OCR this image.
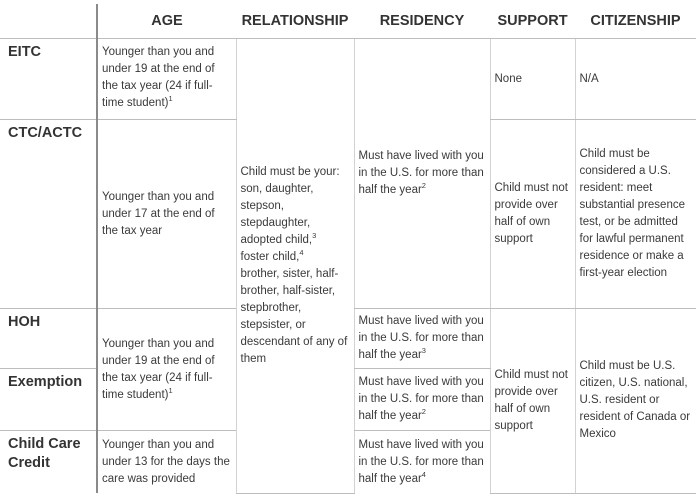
	AGE	RELATIONSHIP	RESIDENCY	SUPPORT	CITIZENSHIP
EITC	Younger than you and under 19 at the end of the tax year (24 if full-time student)$^1$	Child must be your: son, daughter, stepson, stepdaughter, adopted child,$^3$
foster child,$^4$
brother, sister, half-brother, half-sister, stepbrother, stepsister, or descendant of any of them	Must have lived with you in the U.S. for more than half the year$^2$	None	N/A
CTC/ACTC	Younger than you and under 17 at the end of the tax year			Child must not provide over half of own support	Child must be considered a U.S. resident: meet substantial presence test, or be admitted for lawful permanent residence or make a first-year election
HOH	Younger than you and under 19 at the end of the tax year (24 if full-time student)$^1$		Must have lived with you in the U.S. for more than half the year$^3$	Child must not provide over half of own support	Child must be U.S. citizen, U.S. national, U.S. resident or resident of Canada or Mexico
Exemption			Must have lived with you in the U.S. for more than half the year$^2$
Child Care Credit	Younger than you and under 13 for the days the care was provided		Must have lived with you in the U.S. for more than half the year$^4$
